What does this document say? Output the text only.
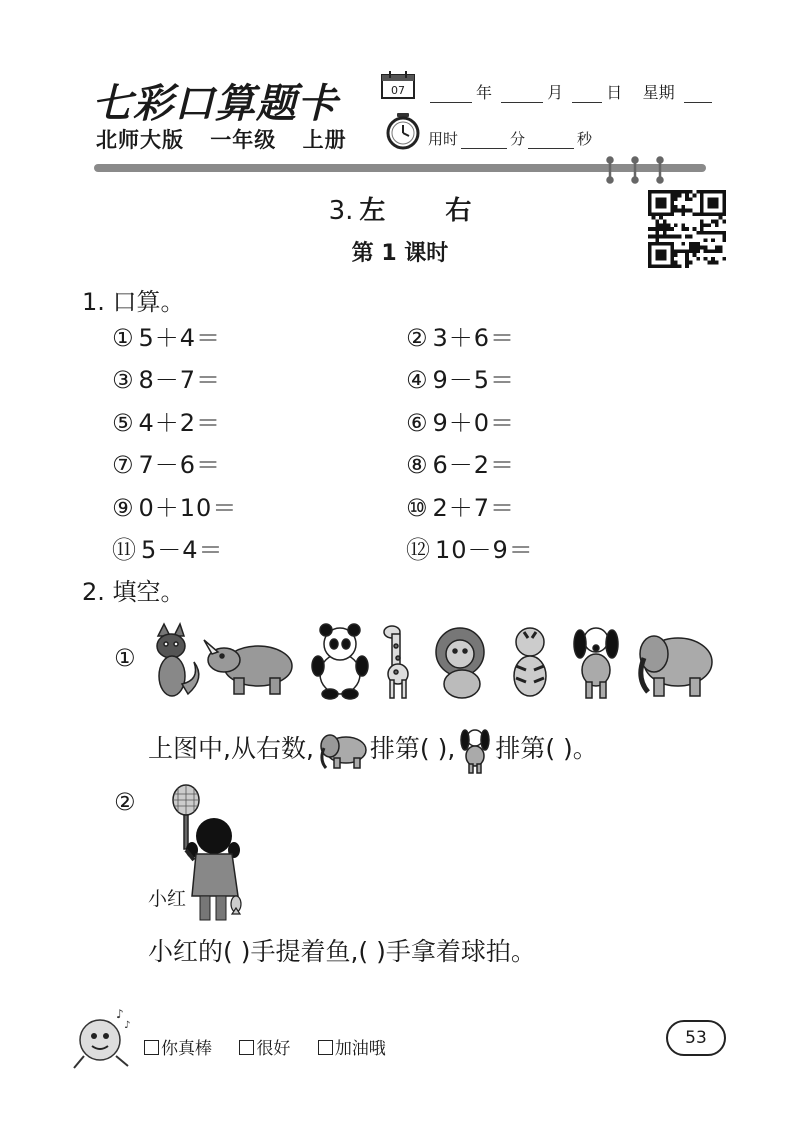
七彩口算题卡	07	年	月	日 星期
北师大版 一年级 上册	用时	分	秒
3. 左 右
第 1 课时
1. 口算。
① 5＋4＝	② 3＋6＝
③ 8－7＝	④ 9－5＝
⑤ 4＋2＝	⑥ 9＋0＝
⑦ 7－6＝	⑧ 6－2＝
⑨ 0＋10＝	⑩ 2＋7＝
⑪ 5－4＝	⑫ 10－9＝
2. 填空。
①
上图中,从右数, 排第( ), 排第( )。
②
小红
小红的( )手提着鱼,( )手拿着球拍。
♪
♪
你真棒	很好	加油哦
53
